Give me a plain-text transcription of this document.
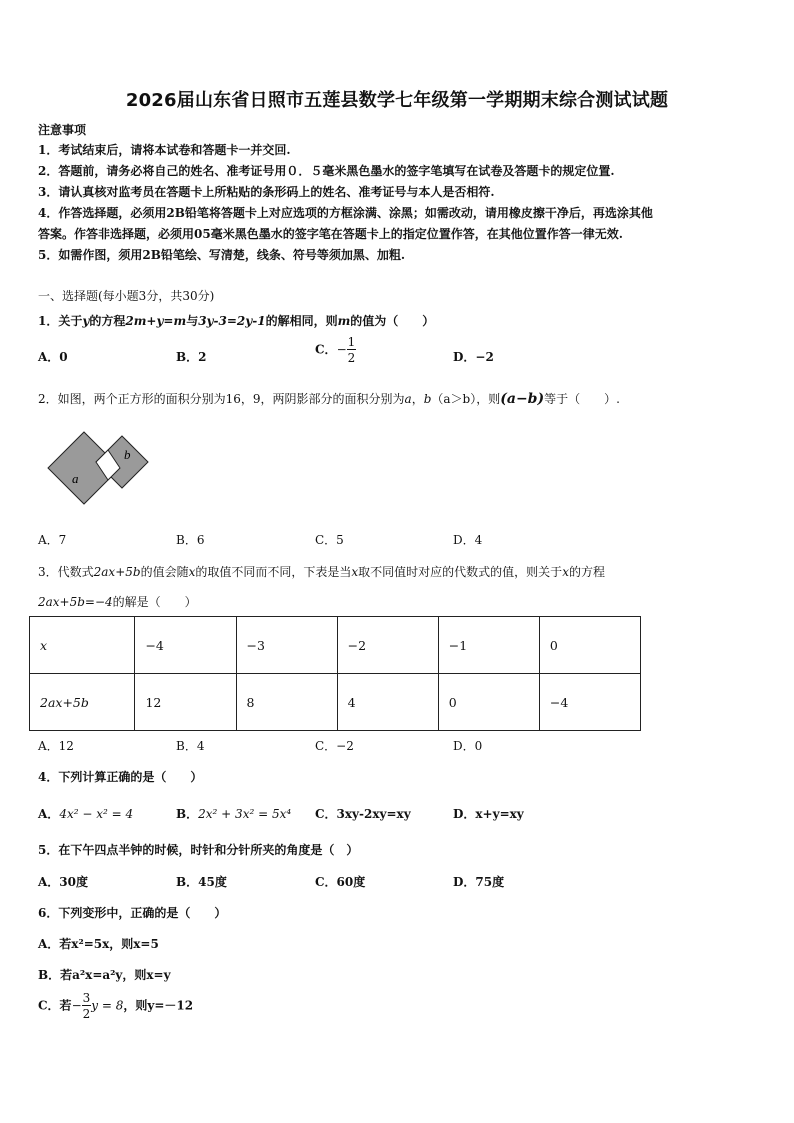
2026届山东省日照市五莲县数学七年级第一学期期末综合测试试题
注意事项
1．考试结束后，请将本试卷和答题卡一并交回.
2．答题前，请务必将自己的姓名、准考证号用０．５毫米黑色墨水的签字笔填写在试卷及答题卡的规定位置.
3．请认真核对监考员在答题卡上所粘贴的条形码上的姓名、准考证号与本人是否相符.
4．作答选择题，必须用2B铅笔将答题卡上对应选项的方框涂满、涂黑；如需改动，请用橡皮擦干净后，再选涂其他
答案。作答非选择题，必须用05毫米黑色墨水的签字笔在答题卡上的指定位置作答，在其他位置作答一律无效.
5．如需作图，须用2B铅笔绘、写清楚，线条、符号等须加黑、加粗.
一、选择题(每小题3分，共30分)
1．关于y的方程2m+y=m与3y-3=2y-1的解相同，则m的值为（　　）
A．0	B．2
C．− $\frac{1}{2}$	D．−2
2．如图，两个正方形的面积分别为16，9，两阴影部分的面积分别为a，b（a＞b），则(a−b)等于（　　）.
a
b
A．7	B．6	C．5	D．4
3．代数式2ax+5b的值会随x的取值不同而不同，下表是当x取不同值时对应的代数式的值，则关于x的方程
2ax+5b=−4的解是（　　）
x	−4	−3	−2	−1	0
2ax+5b	12	8	4	0	−4
A．12	B．4	C．−2	D．0
4．下列计算正确的是（　　）
A．4x² − x² = 4	B．2x² + 3x² = 5x⁴ C．3xy-2xy=xy	D．x+y=xy
5．在下午四点半钟的时候，时针和分针所夹的角度是（　）
A．30度	B．45度	C．60度	D．75度
6．下列变形中，正确的是（　　）
A．若x²=5x，则x=5
B．若a²x=a²y，则x=y
C．若− $\frac{3}{2}$ y = 8，则y=－12
